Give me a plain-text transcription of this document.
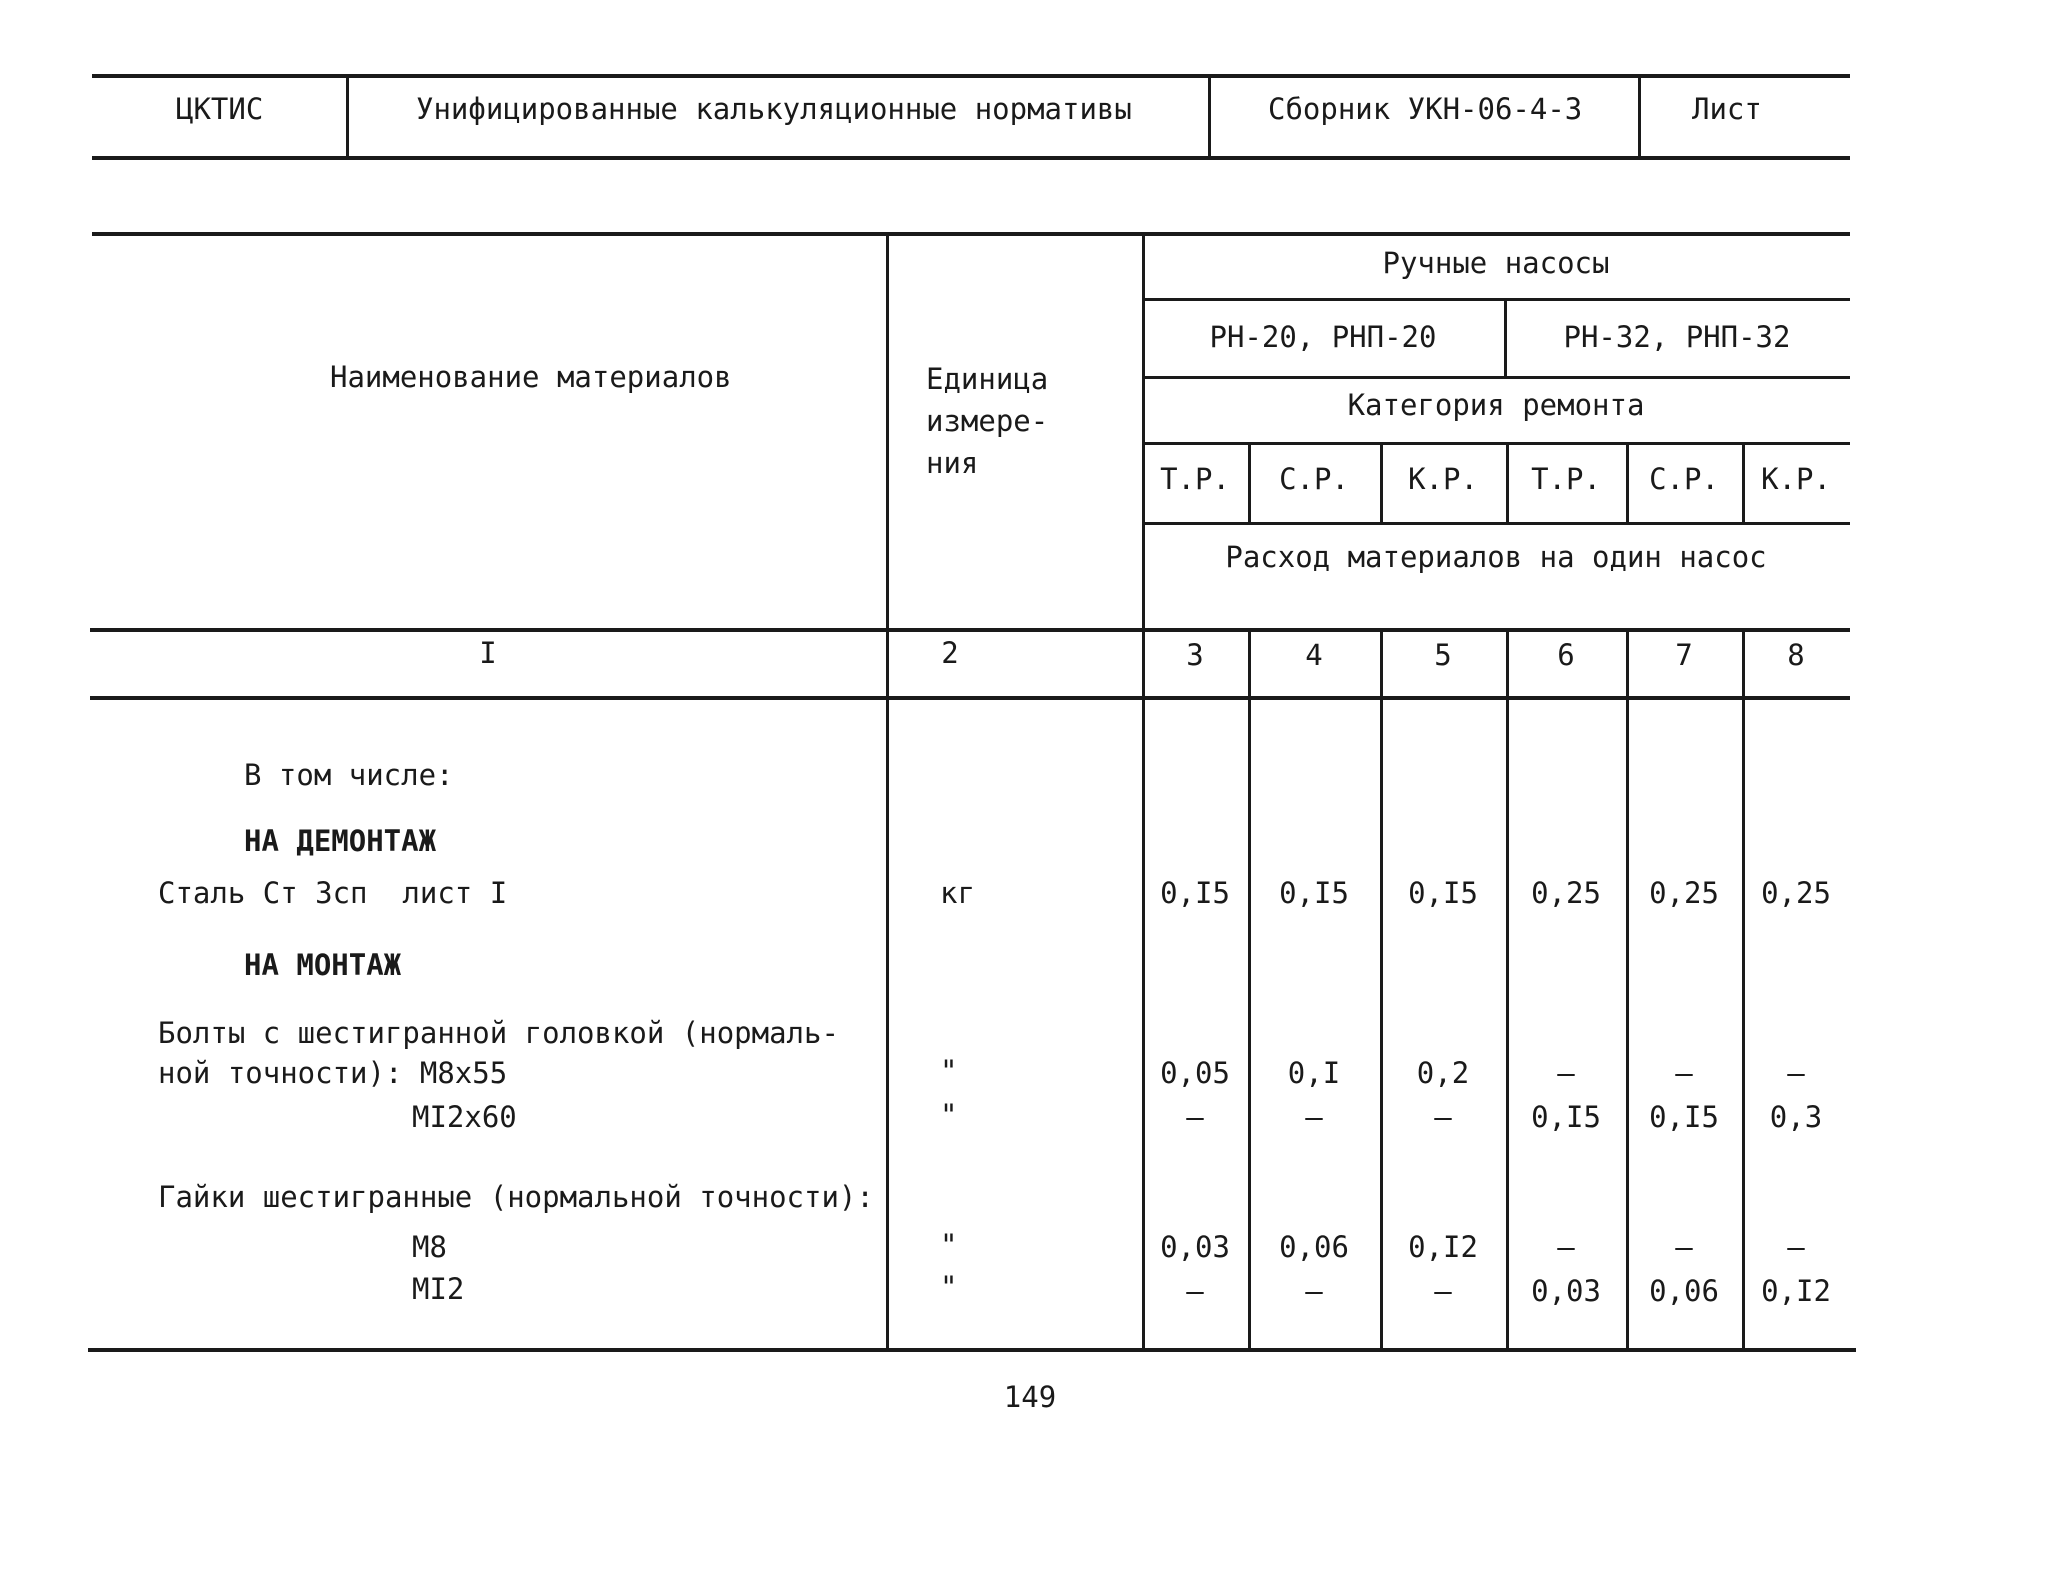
ЦКТИС	Унифицированные калькуляционные нормативы	Сборник УКН-06-4-3	Лист
Наименование материалов	Единица
измере-
ния
Ручные насосы
РН-20, РНП-20	РН-32, РНП-32
Категория ремонта
Т.Р.	С.Р.	К.Р.	Т.Р.	С.Р.	К.Р.
Расход материалов на один насос
I	2	3	4	5	6	7	8
В том числе:
НА ДЕМОНТАЖ
Сталь Ст 3сп  лист I	кг	0,I5	0,I5	0,I5	0,25	0,25	0,25
НА МОНТАЖ
Болты с шестигранной головкой (нормаль-
ной точности): М8х55	"	0,05	0,I	0,2	–	–	–
МI2х60	"	–	–	–	0,I5	0,I5	0,3
Гайки шестигранные (нормальной точности):
М8	"	0,03	0,06	0,I2	–	–	–
МI2	"	–	–	–	0,03	0,06	0,I2
149
